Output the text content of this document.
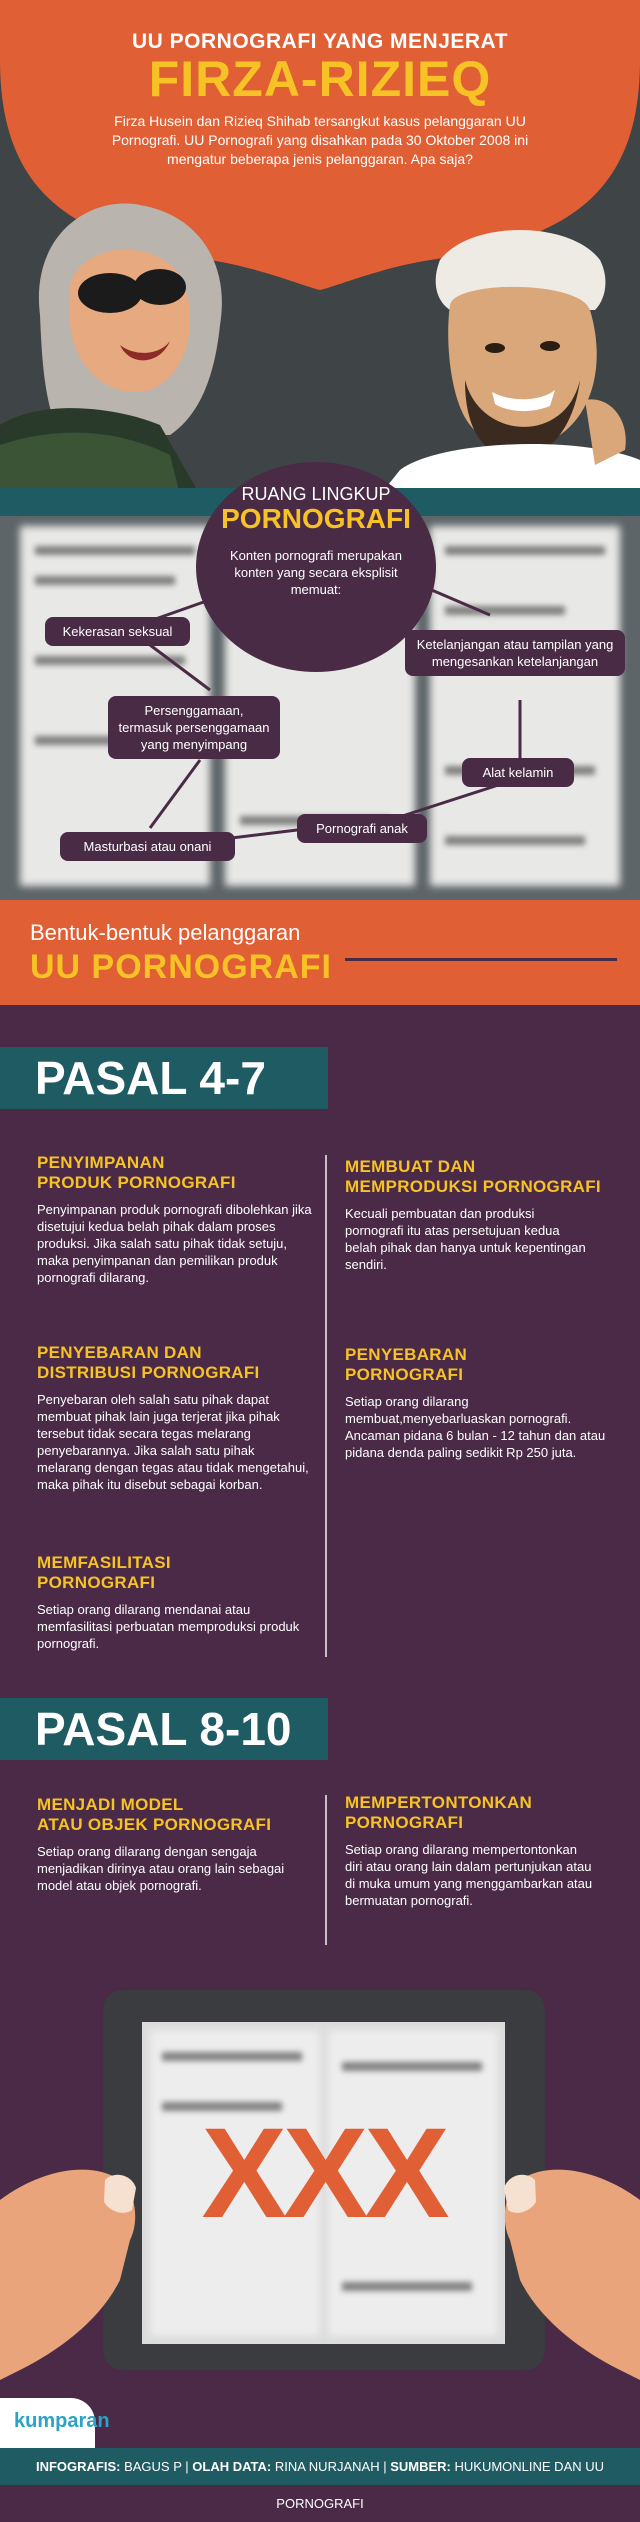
UU PORNOGRAFI YANG MENJERAT
FIRZA-RIZIEQ
Firza Husein dan Rizieq Shihab tersangkut kasus pelanggaran UU Pornografi. UU Pornografi yang disahkan pada 30 Oktober 2008 ini mengatur beberapa jenis pelanggaran. Apa saja?
RUANG LINGKUP
PORNOGRAFI
Konten pornografi merupakan konten yang secara eksplisit memuat:
Kekerasan seksual
Ketelanjangan atau tampilan yang mengesankan ketelanjangan
Persenggamaan, termasuk persenggamaan yang menyimpang
Alat kelamin
Pornografi anak
Masturbasi atau onani
Bentuk-bentuk pelanggaran
UU PORNOGRAFI
PASAL 4-7
PENYIMPANAN
PRODUK PORNOGRAFI
Penyimpanan produk pornografi dibolehkan jika disetujui kedua belah pihak dalam proses produksi. Jika salah satu pihak tidak setuju, maka penyimpanan dan pemilikan produk pornografi dilarang.
MEMBUAT DAN
MEMPRODUKSI PORNOGRAFI
Kecuali pembuatan dan produksi pornografi itu atas persetujuan kedua belah pihak dan hanya untuk kepentingan sendiri.
PENYEBARAN DAN
DISTRIBUSI PORNOGRAFI
Penyebaran oleh salah satu pihak dapat membuat pihak lain juga terjerat jika pihak tersebut tidak secara tegas melarang penyebarannya. Jika salah satu pihak melarang dengan tegas atau tidak mengetahui, maka pihak itu disebut sebagai korban.
PENYEBARAN
PORNOGRAFI
Setiap orang dilarang membuat,menyebarluaskan pornografi. Ancaman pidana 6 bulan - 12 tahun dan atau pidana denda paling sedikit Rp 250 juta.
MEMFASILITASI
PORNOGRAFI
Setiap orang dilarang mendanai atau memfasilitasi perbuatan memproduksi produk pornografi.
PASAL 8-10
MENJADI MODEL
ATAU OBJEK PORNOGRAFI
Setiap orang dilarang dengan sengaja menjadikan dirinya atau orang lain sebagai model atau objek pornografi.
MEMPERTONTONKAN
PORNOGRAFI
Setiap orang dilarang mempertontonkan diri atau orang lain dalam pertunjukan atau di muka umum yang menggambarkan atau bermuatan pornografi.
XXX
kumparan
INFOGRAFIS: BAGUS P | OLAH DATA: RINA NURJANAH | SUMBER: HUKUMONLINE DAN UU PORNOGRAFI
